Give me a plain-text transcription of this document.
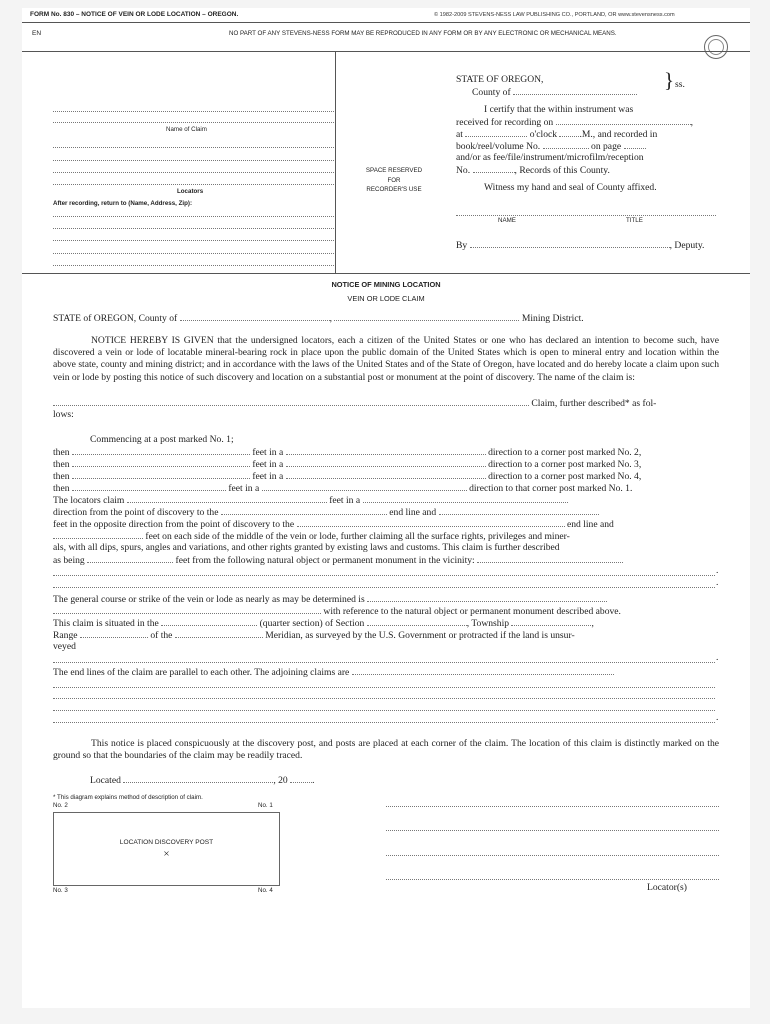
FORM No. 830 – NOTICE OF VEIN OR LODE LOCATION – OREGON.	© 1982-2009 STEVENS-NESS LAW PUBLISHING CO., PORTLAND, OR www.stevensness.com
EN	NO PART OF ANY STEVENS-NESS FORM MAY BE REPRODUCED IN ANY FORM OR BY ANY ELECTRONIC OR MECHANICAL MEANS.
Name of Claim
Locators
After recording, return to (Name, Address, Zip):
SPACE RESERVED
FOR
RECORDER'S USE
STATE OF OREGON,
County of
} ss.
I certify that the within instrument was
received for recording on	,
at	o'clock .M., and recorded in
book/reel/volume No.	on page
and/or as fee/file/instrument/microfilm/reception
No.	, Records of this County.
Witness my hand and seal of County affixed.
NAME	TITLE
By	, Deputy.
NOTICE OF MINING LOCATION
VEIN OR LODE CLAIM
STATE of OREGON, County of	,	Mining District.
NOTICE HEREBY IS GIVEN that the undersigned locators, each a citizen of the United States or one who has declared an intention to become such, have discovered a vein or lode of locatable mineral-bearing rock in place upon the public domain of the United States which is open to mineral entry and location within the above state, county and mining district; and in accordance with the laws of the United States and of the State of Oregon, have located and do hereby locate a claim upon such vein or lode by posting this notice of such discovery and location on a substantial post or monument at the point of discovery. The name of the claim is:
Claim, further described* as fol-
lows:
Commencing at a post marked No. 1;
then	feet in a	direction to a corner post marked No. 2,
then	feet in a	direction to a corner post marked No. 3,
then	feet in a	direction to a corner post marked No. 4,
then	feet in a	direction to that corner post marked No. 1.
The locators claim	feet in a
direction from the point of discovery to the	end line and
feet in the opposite direction from the point of discovery to the	end line and
feet on each side of the middle of the vein or lode, further claiming all the surface rights, privileges and miner-
als, with all dips, spurs, angles and variations, and other rights granted by existing laws and customs. This claim is further described
as being	feet from the following natural object or permanent monument in the vicinity:
.
.
The general course or strike of the vein or lode as nearly as may be determined is
with reference to the natural object or permanent monument described above.
This claim is situated in the	(quarter section) of Section	, Township	,
Range	of the	Meridian, as surveyed by the U.S. Government or protracted if the land is unsur-
veyed
.
The end lines of the claim are parallel to each other. The adjoining claims are
.
This notice is placed conspicuously at the discovery post, and posts are placed at each corner of the claim. The location of this claim is distinctly marked on the ground so that the boundaries of the claim may be readily traced.
Located	, 20	.
* This diagram explains method of description of claim.
No. 2	No. 1
LOCATION DISCOVERY POST
×
No. 3	No. 4	Locator(s)
